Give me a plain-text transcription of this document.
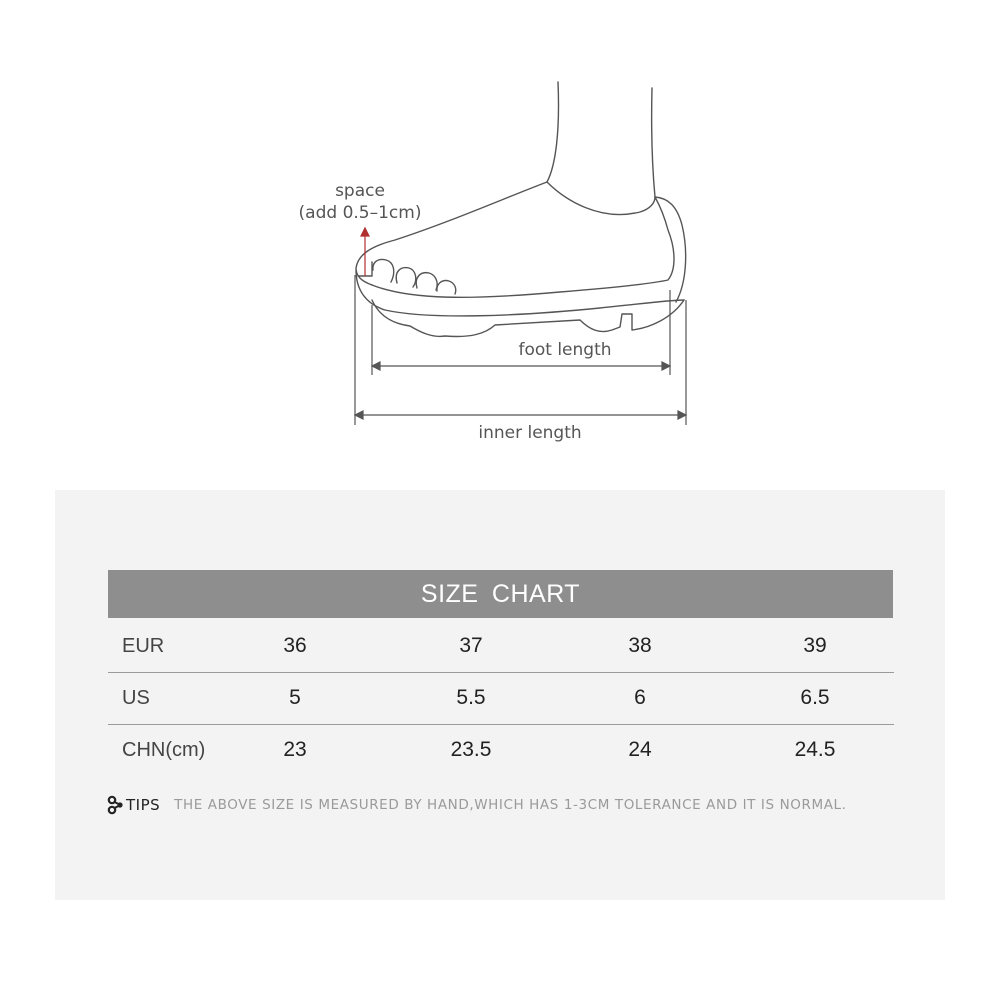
space
(add 0.5–1cm)
foot length
inner length
SIZE CHART
EUR	36	37	38	39
US	5	5.5	6	6.5
CHN(cm)	23	23.5	24	24.5
TIPS THE ABOVE SIZE IS MEASURED BY HAND,WHICH HAS 1-3CM TOLERANCE AND IT IS NORMAL.
